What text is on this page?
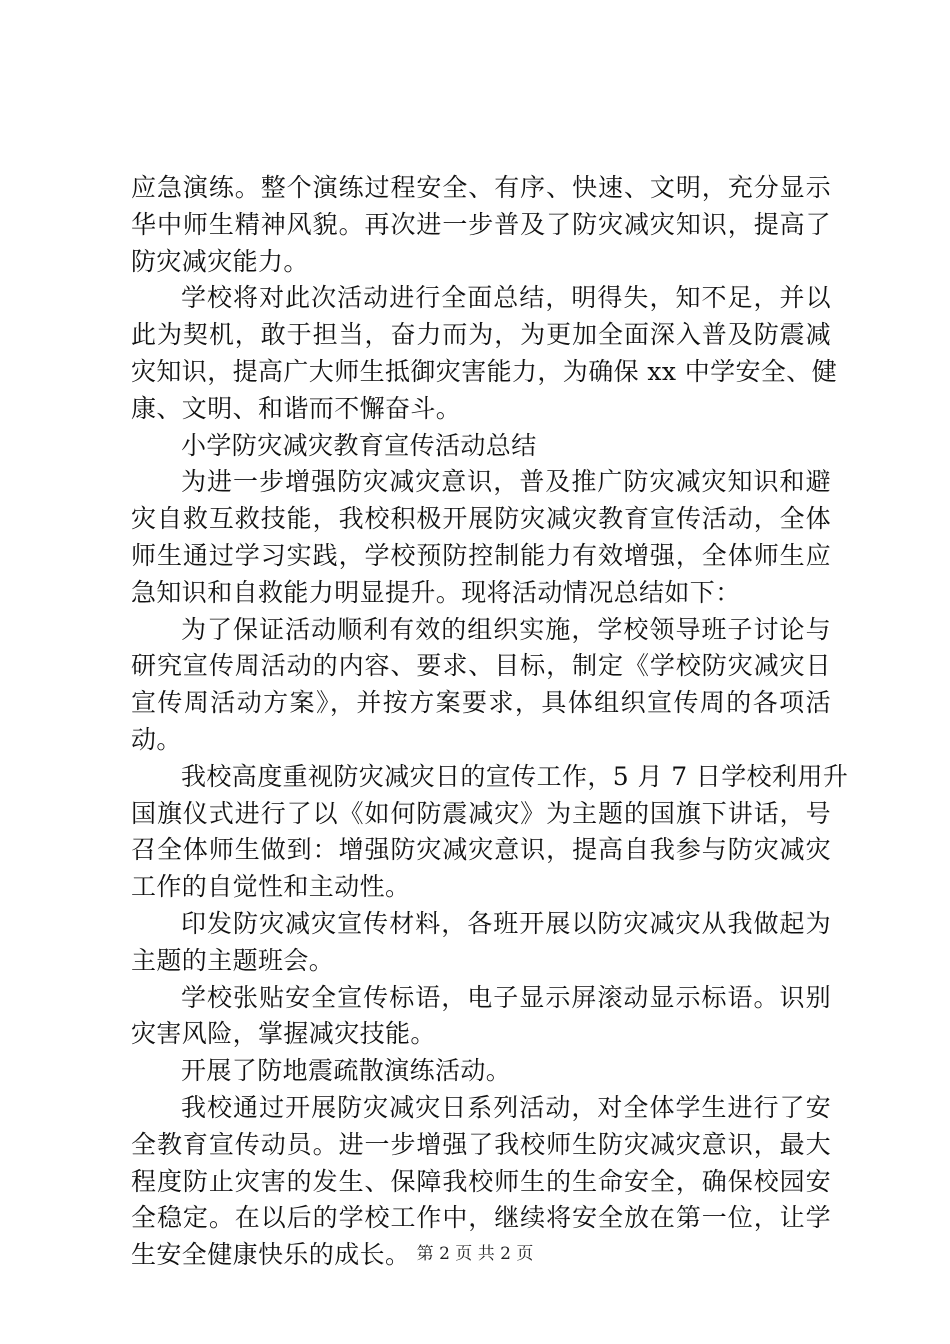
应急演练。整个演练过程安全、有序、快速、文明，充分显示
华中师生精神风貌。再次进一步普及了防灾减灾知识，提高了
防灾减灾能力。
学校将对此次活动进行全面总结，明得失，知不足，并以
此为契机，敢于担当，奋力而为，为更加全面深入普及防震减
灾知识，提高广大师生抵御灾害能力，为确保 xx 中学安全、健
康、文明、和谐而不懈奋斗。
小学防灾减灾教育宣传活动总结
为进一步增强防灾减灾意识，普及推广防灾减灾知识和避
灾自救互救技能，我校积极开展防灾减灾教育宣传活动，全体
师生通过学习实践，学校预防控制能力有效增强，全体师生应
急知识和自救能力明显提升。现将活动情况总结如下：
为了保证活动顺利有效的组织实施，学校领导班子讨论与
研究宣传周活动的内容、要求、目标，制定《学校防灾减灾日
宣传周活动方案》，并按方案要求，具体组织宣传周的各项活
动。
我校高度重视防灾减灾日的宣传工作，5 月 7 日学校利用升
国旗仪式进行了以《如何防震减灾》为主题的国旗下讲话，号
召全体师生做到：增强防灾减灾意识，提高自我参与防灾减灾
工作的自觉性和主动性。
印发防灾减灾宣传材料，各班开展以防灾减灾从我做起为
主题的主题班会。
学校张贴安全宣传标语，电子显示屏滚动显示标语。识别
灾害风险，掌握减灾技能。
开展了防地震疏散演练活动。
我校通过开展防灾减灾日系列活动，对全体学生进行了安
全教育宣传动员。进一步增强了我校师生防灾减灾意识，最大
程度防止灾害的发生、保障我校师生的生命安全，确保校园安
全稳定。在以后的学校工作中，继续将安全放在第一位，让学
生安全健康快乐的成长。 第 2 页 共 2 页
